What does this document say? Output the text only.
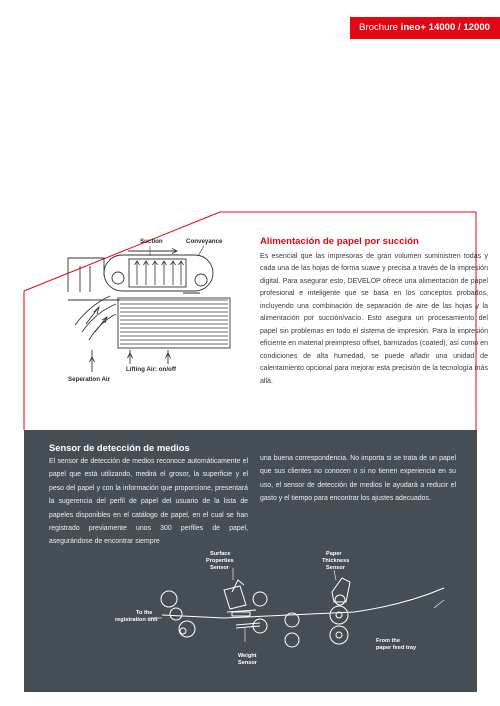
Brochure ineo+ 14000 / 12000
Suction	Conveyance
Lifting Air: on/off
Seperation Air
Alimentación de papel por succión

Es esencial que las impresoras de gran volumen suministren todas y cada una de las hojas de forma suave y precisa a través de la impresión digital. Para asegurar esto, DEVELOP ofrece una alimentación de papel profesional e inteligente que se basa en los conceptos probados, incluyendo una combinación de separación de aire de las hojas y la alimentación por succión/vacío. Esto asegura un procesamiento del papel sin problemas en todo el sistema de impresión. Para la impresión eficiente en material preimpreso offset, barnizados (coated), así como en condiciones de alta humedad, se puede añadir una unidad de calentamiento opcional para mejorar esta precisión de la tecnología más allá.

Sensor de detección de medios

El sensor de detección de medios reconoce automáticamente el papel que está utilizando, medirá el grosor, la superficie y el peso del papel y con la información que proporcione, presentará la sugerencia del perfil de papel del usuario de la lista de papeles disponibles en el catálogo de papel, en el cual se han registrado previamente unos 300 perfiles de papel, asegurándose de encontrar siempre

una buena correspondencia. No importa si se trata de un papel que sus clientes no conocen o si no tienen experiencia en su uso, el sensor de detección de medios le ayudará a reducir el gasto y el tiempo para encontrar los ajustes adecuados.

Surface
Properties
Sensor
Paper
Thickness
Sensor
To the
registration unit
Weight
Sensor
From the
paper feed tray
